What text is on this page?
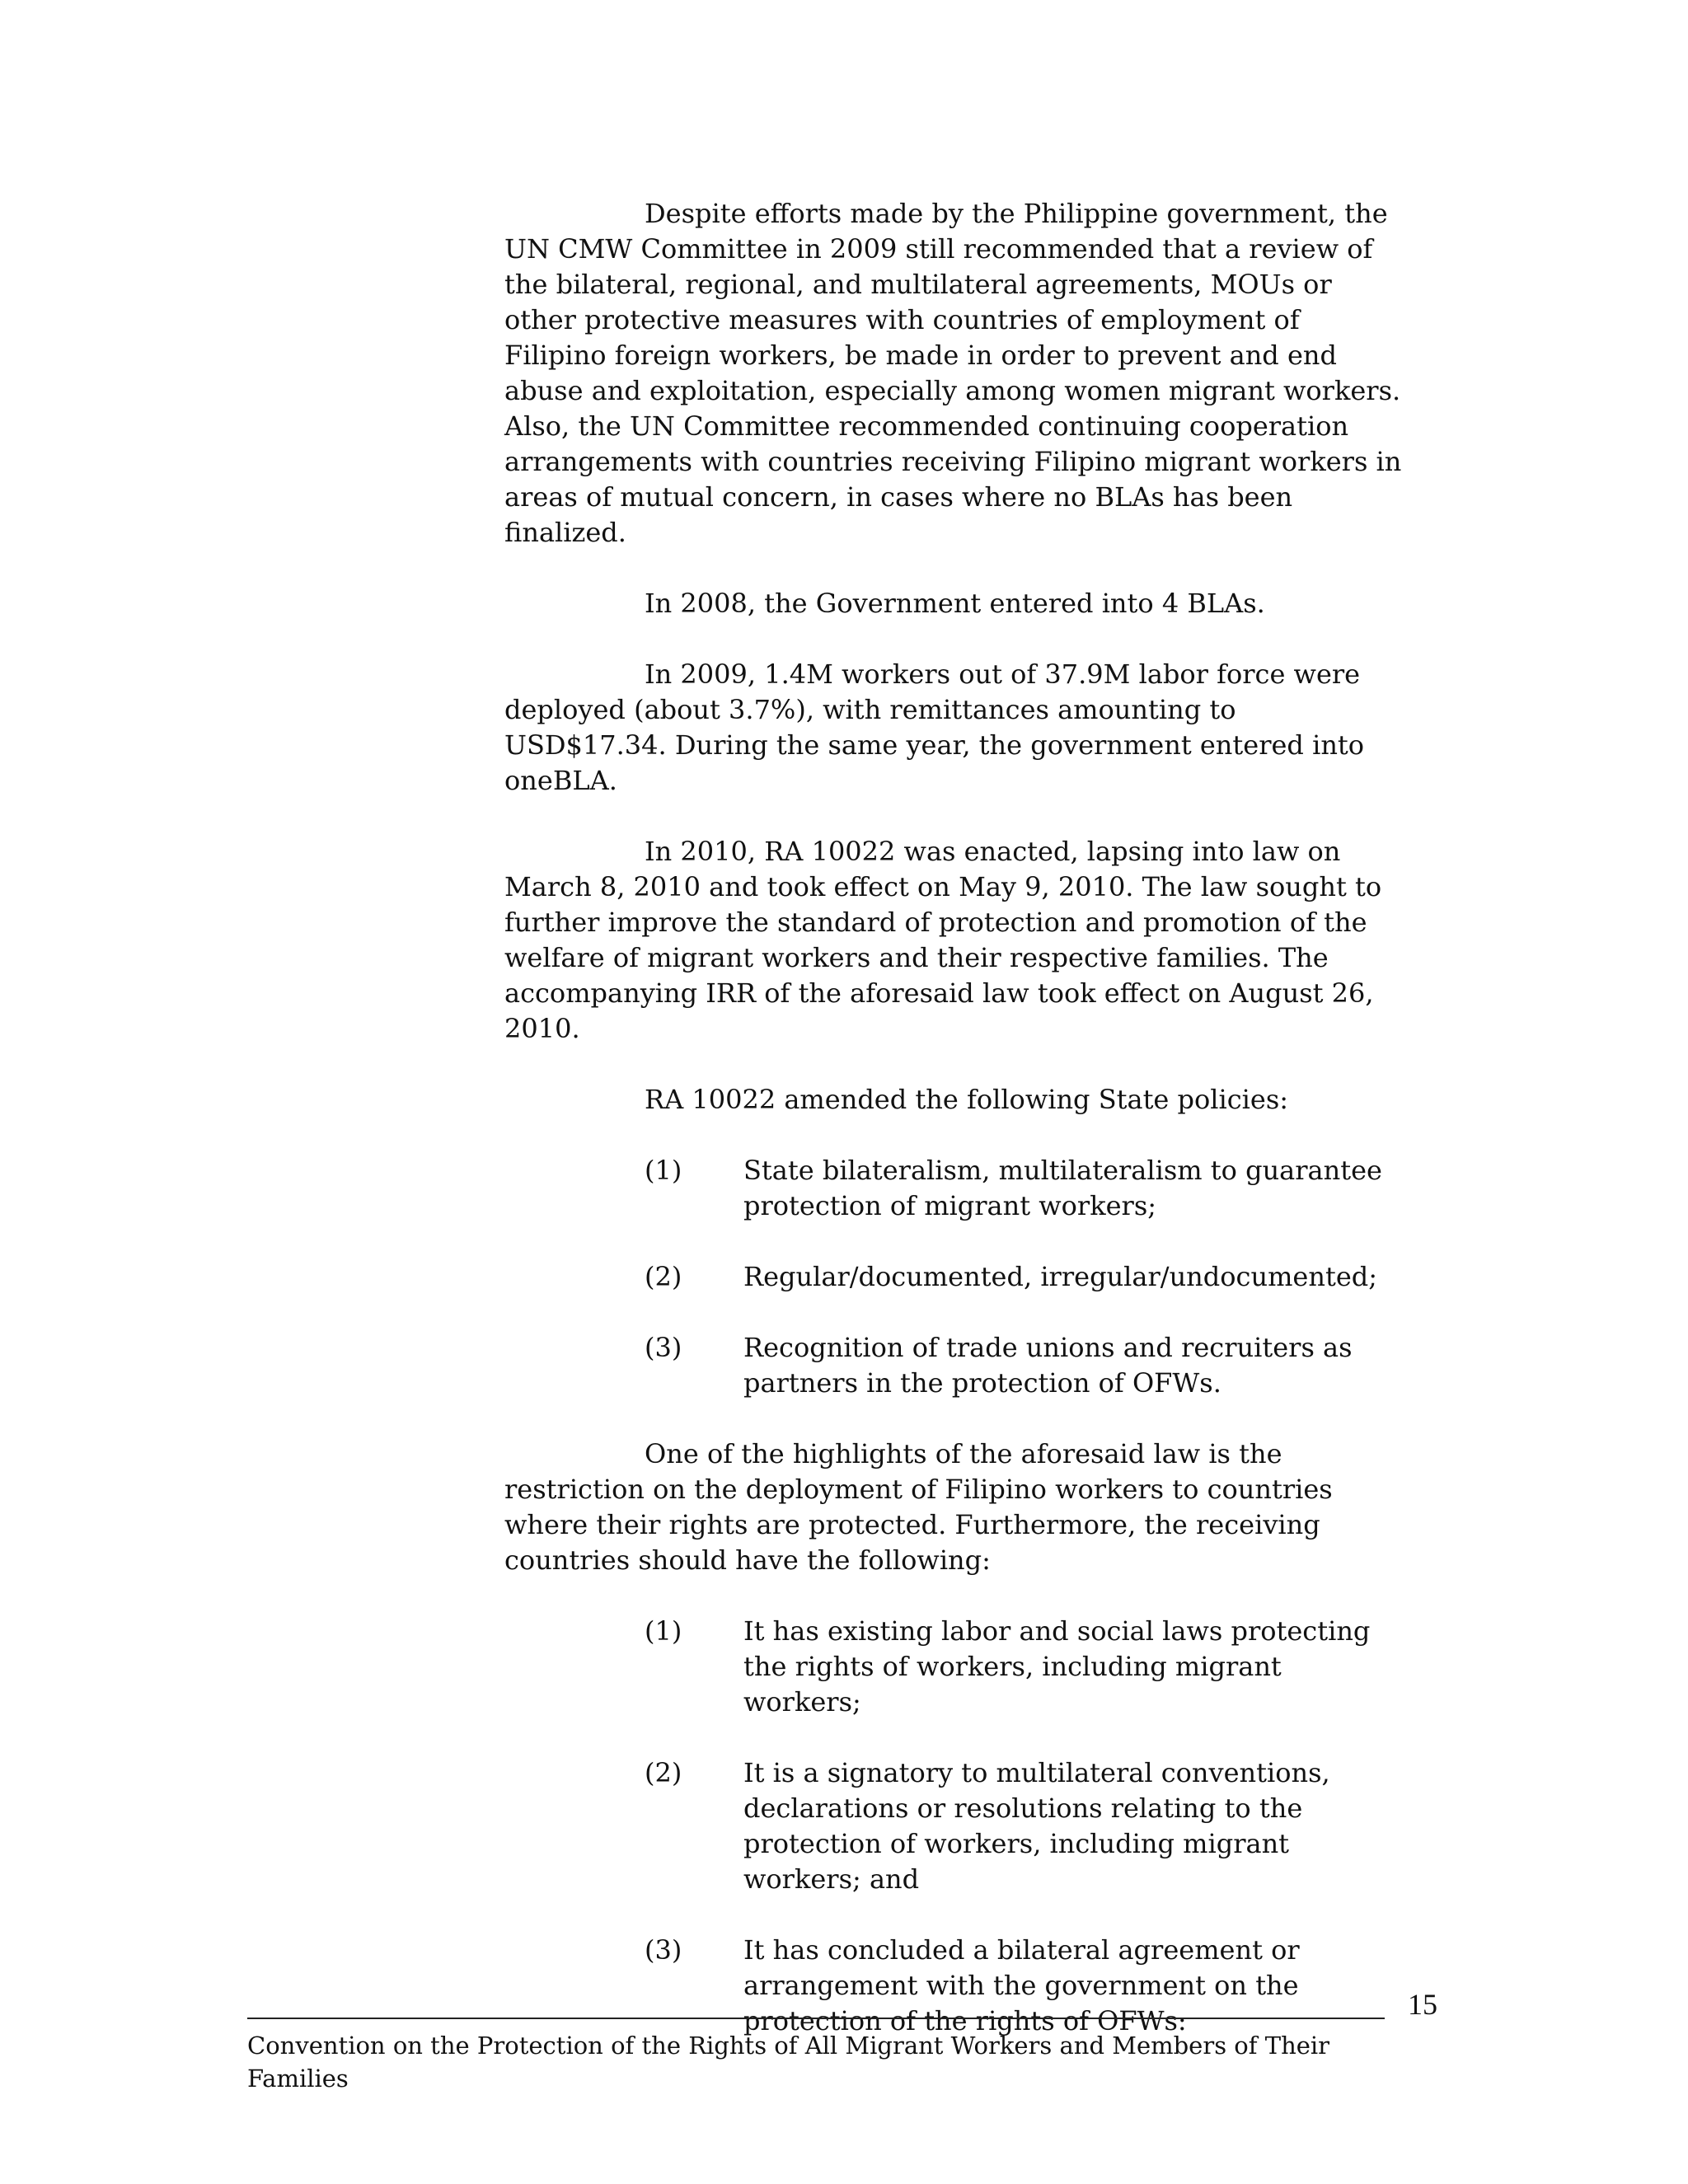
Despite efforts made by the Philippine government, the UN CMW Committee in 2009 still recommended that a review of the bilateral, regional, and multilateral agreements, MOUs or other protective measures with countries of employment of Filipino foreign workers, be made in order to prevent and end abuse and exploitation, especially among women migrant workers. Also, the UN Committee recommended continuing cooperation arrangements with countries receiving Filipino migrant workers in areas of mutual concern, in cases where no BLAs has been finalized.

In 2008, the Government entered into 4 BLAs.

In 2009, 1.4M workers out of 37.9M labor force were deployed (about 3.7%), with remittances amounting to USD$17.34. During the same year, the government entered into oneBLA.

In 2010, RA 10022 was enacted, lapsing into law on March 8, 2010 and took effect on May 9, 2010. The law sought to further improve the standard of protection and promotion of the welfare of migrant workers and their respective families. The accompanying IRR of the aforesaid law took effect on August 26, 2010.

RA 10022 amended the following State policies:

(1)	State bilateralism, multilateralism to guarantee protection of migrant workers;
(2)	Regular/documented, irregular/undocumented;
(3)	Recognition of trade unions and recruiters as partners in the protection of OFWs.

One of the highlights of the aforesaid law is the restriction on the deployment of Filipino workers to countries where their rights are protected. Furthermore, the receiving countries should have the following:

(1)	It has existing labor and social laws protecting the rights of workers, including migrant workers;
(2)	It is a signatory to multilateral conventions, declarations or resolutions relating to the protection of workers, including migrant workers; and
(3)	It has concluded a bilateral agreement or arrangement with the government on the protection of the rights of OFWs:	15
Convention on the Protection of the Rights of All Migrant Workers and Members of Their Families
